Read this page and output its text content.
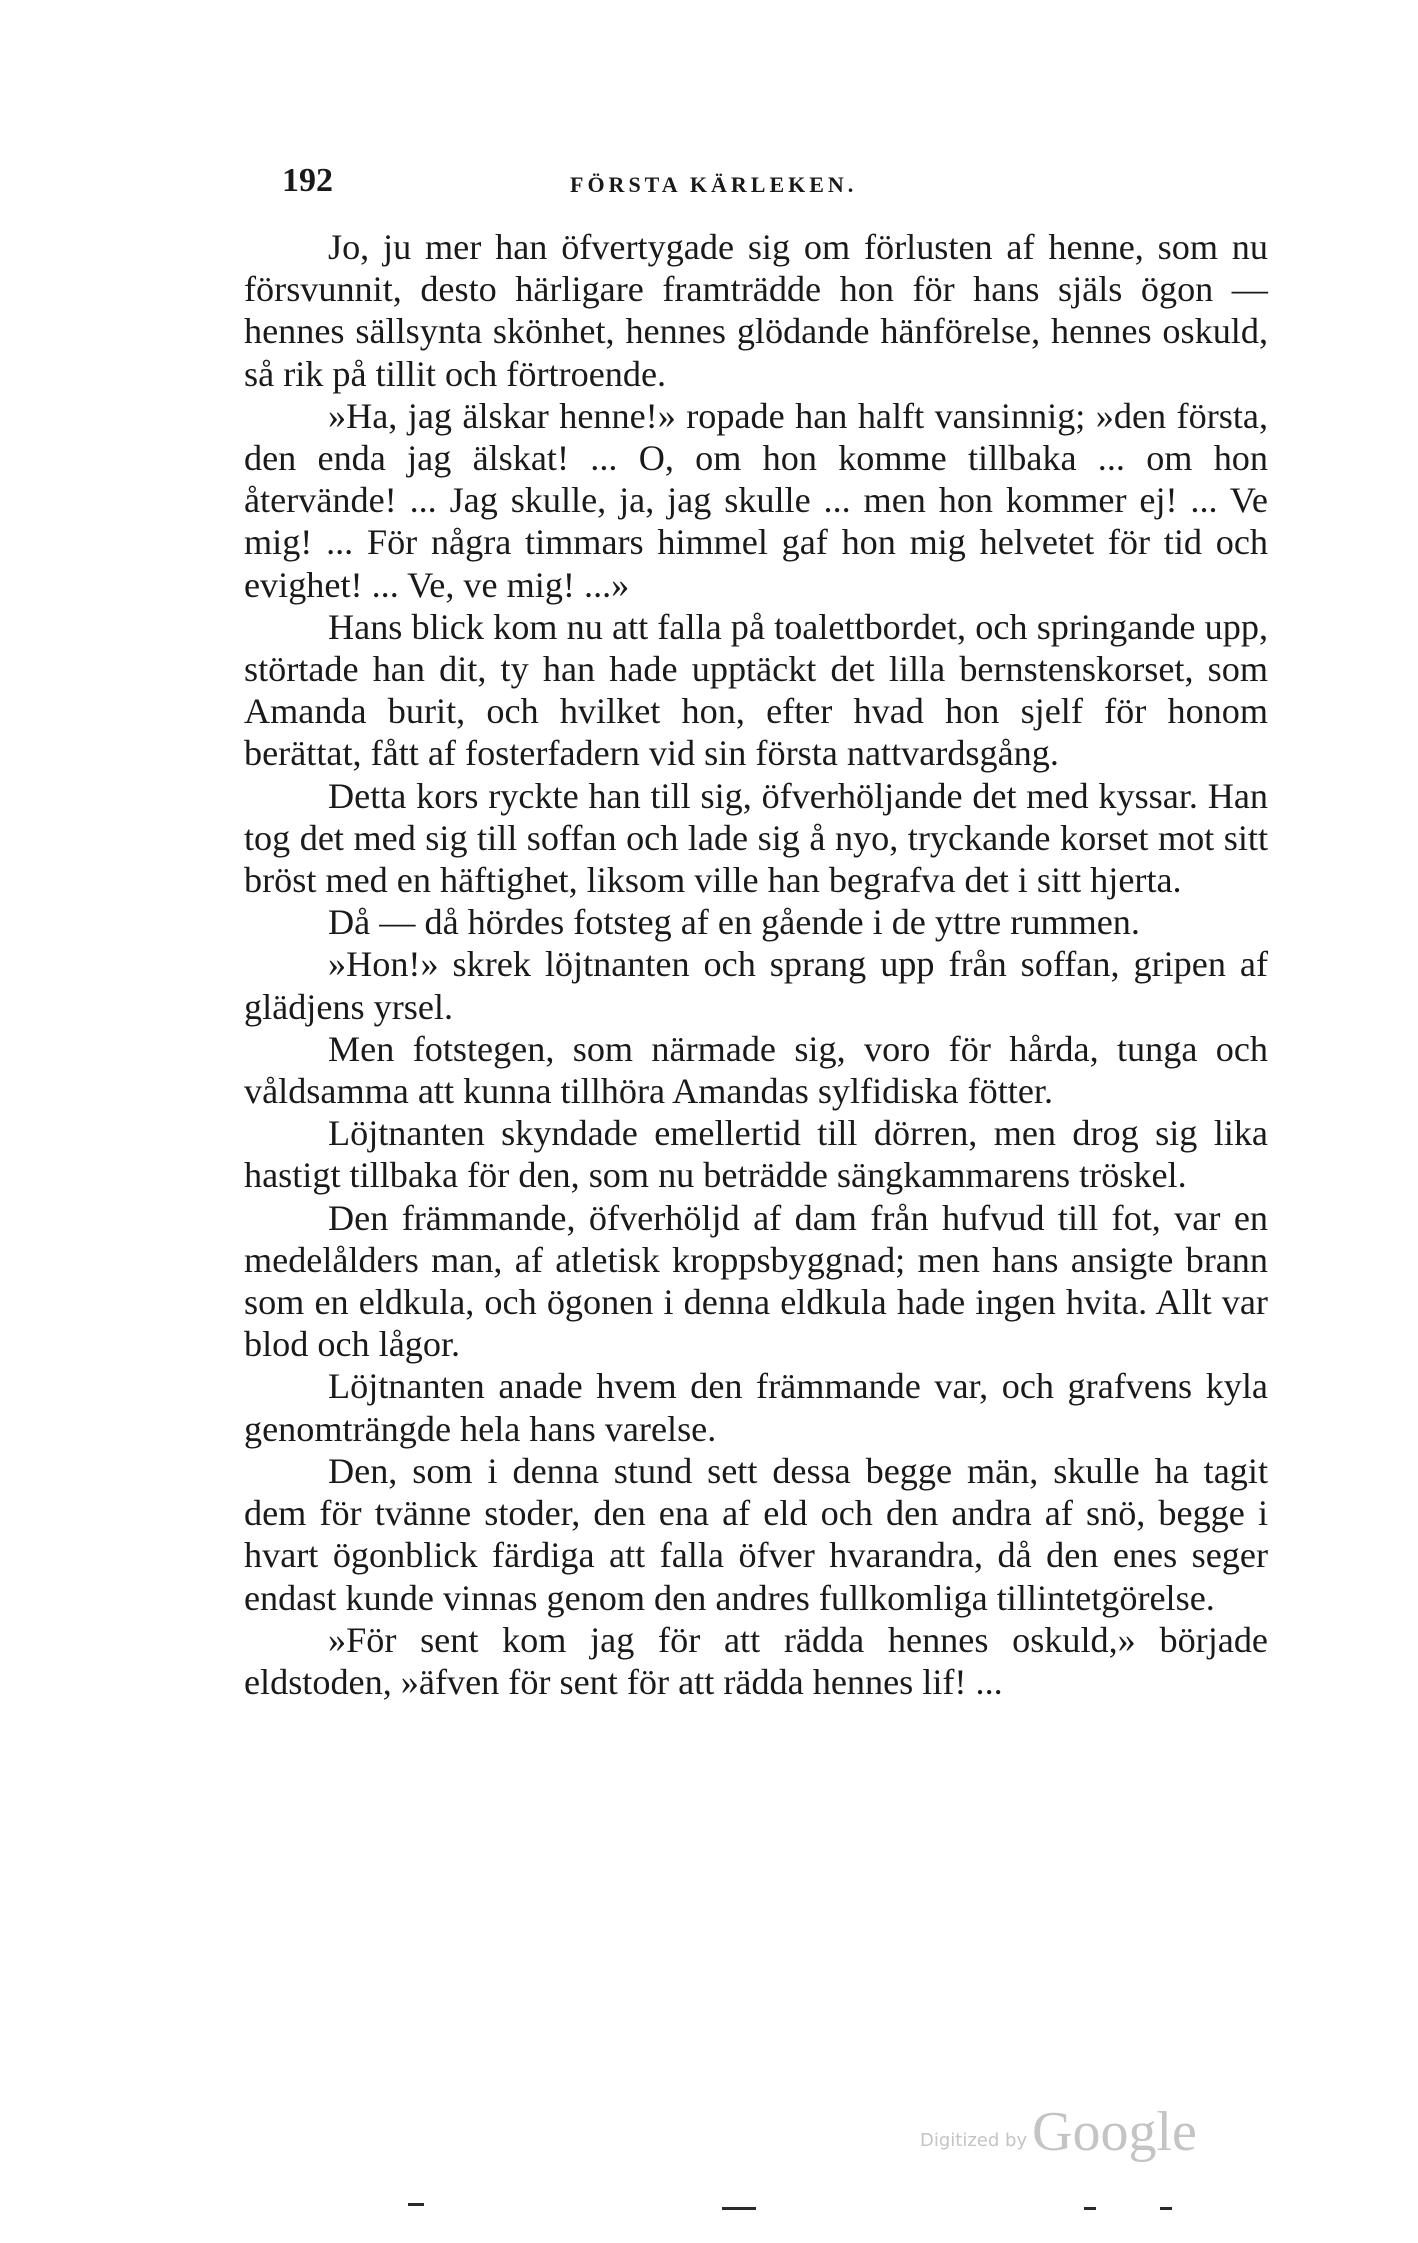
192	FÖRSTA KÄRLEKEN.

Jo, ju mer han öfvertygade sig om förlusten af henne, som nu försvunnit, desto härligare framträdde hon för hans själs ögon — hennes sällsynta skönhet, hennes glödande hänförelse, hennes oskuld, så rik på tillit och förtroende.

»Ha, jag älskar henne!» ropade han halft vansinnig; »den första, den enda jag älskat! ... O, om hon komme tillbaka ... om hon återvände! ... Jag skulle, ja, jag skulle ... men hon kommer ej! ... Ve mig! ... För några timmars himmel gaf hon mig helvetet för tid och evighet! ... Ve, ve mig! ...»

Hans blick kom nu att falla på toalettbordet, och springande upp, störtade han dit, ty han hade upptäckt det lilla bernstenskorset, som Amanda burit, och hvilket hon, efter hvad hon sjelf för honom berättat, fått af fosterfadern vid sin första nattvardsgång.

Detta kors ryckte han till sig, öfverhöljande det med kyssar. Han tog det med sig till soffan och lade sig å nyo, tryckande korset mot sitt bröst med en häftighet, liksom ville han begrafva det i sitt hjerta.

Då — då hördes fotsteg af en gående i de yttre rummen.

»Hon!» skrek löjtnanten och sprang upp från soffan, gripen af glädjens yrsel.

Men fotstegen, som närmade sig, voro för hårda, tunga och våldsamma att kunna tillhöra Amandas sylfidiska fötter.

Löjtnanten skyndade emellertid till dörren, men drog sig lika hastigt tillbaka för den, som nu beträdde sängkammarens tröskel.

Den främmande, öfverhöljd af dam från hufvud till fot, var en medelålders man, af atletisk kroppsbyggnad; men hans ansigte brann som en eldkula, och ögonen i denna eldkula hade ingen hvita. Allt var blod och lågor.

Löjtnanten anade hvem den främmande var, och grafvens kyla genomträngde hela hans varelse.

Den, som i denna stund sett dessa begge män, skulle ha tagit dem för tvänne stoder, den ena af eld och den andra af snö, begge i hvart ögonblick färdiga att falla öfver hvarandra, då den enes seger endast kunde vinnas genom den andres fullkomliga tillintetgörelse.

»För sent kom jag för att rädda hennes oskuld,» började eldstoden, »äfven för sent för att rädda hennes lif! ...

Digitized by Google
